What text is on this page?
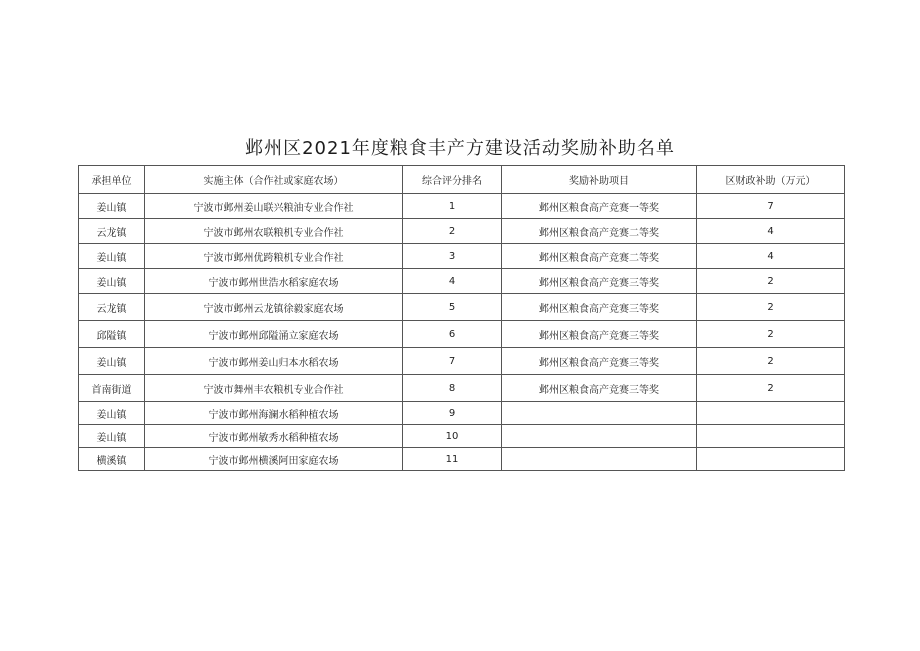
邺州区2021年度粮食丰产方建设活动奖励补助名单
承担单位	实施主体（合作社或家庭农场）	综合评分排名	奖励补助项目	区财政补助（万元）
姜山镇	宁波市邺州姜山联兴粮油专业合作社	1	邺州区粮食高产竞赛一等奖	7
云龙镇	宁波市邺州农联粮机专业合作社	2	邺州区粮食高产竞赛二等奖	4
姜山镇	宁波市邺州优跨粮机专业合作社	3	邺州区粮食高产竞赛二等奖	4
姜山镇	宁波市邺州世浩水稻家庭农场	4	邺州区粮食高产竞赛三等奖	2
云龙镇	宁波市邺州云龙镇徐毅家庭农场	5	邺州区粮食高产竞赛三等奖	2
邱隘镇	宁波市邺州邱隘涌立家庭农场	6	邺州区粮食高产竞赛三等奖	2
姜山镇	宁波市邺州姜山归本水稻农场	7	邺州区粮食高产竞赛三等奖	2
首南街道	宁波市舞州丰农粮机专业合作社	8	邺州区粮食高产竞赛三等奖	2
姜山镇	宁波市邺州海澜水稻种植农场	9		
姜山镇	宁波市邺州敏秀水稻种植农场	10		
横溪镇	宁波市邺州横溪阿田家庭农场	11		
